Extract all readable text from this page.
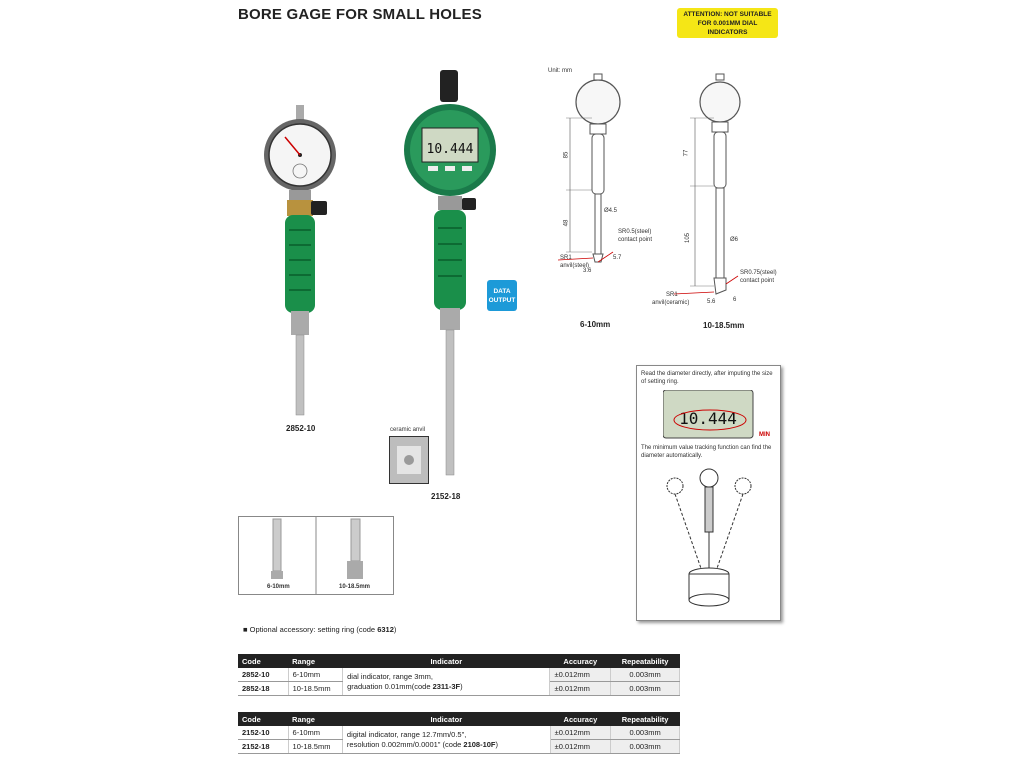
BORE GAGE FOR SMALL HOLES	ATTENTION: NOT SUITABLE FOR 0.001MM DIAL INDICATORS
2852-10
10.444
DATA OUTPUT
ceramic anvil
2152-18
Unit: mm
85
48
Ø4.5
SR0.5(steel)
contact point
SR1
anvil(steel)
3.6
5.7
6-10mm
77
105	Ø6
SR0.75(steel)
contact point
SR1
anvil(ceramic)	5.6	6
10-18.5mm
6-10mm	10-18.5mm
Read the diameter directly, after imputing the size of setting ring.
10.444
MIN
The minimum value tracking function can find the diameter automatically.
■ Optional accessory: setting ring (code 6312)
Code	Range	Indicator	Accuracy	Repeatability
2852-10	6-10mm	dial indicator, range 3mm,
graduation 0.01mm(code 2311-3F)	±0.012mm	0.003mm
2852-18	10-18.5mm		±0.012mm	0.003mm
Code	Range	Indicator	Accuracy	Repeatability
2152-10	6-10mm	digital indicator, range 12.7mm/0.5",
resolution 0.002mm/0.0001" (code 2108-10F)	±0.012mm	0.003mm
2152-18	10-18.5mm		±0.012mm	0.003mm
